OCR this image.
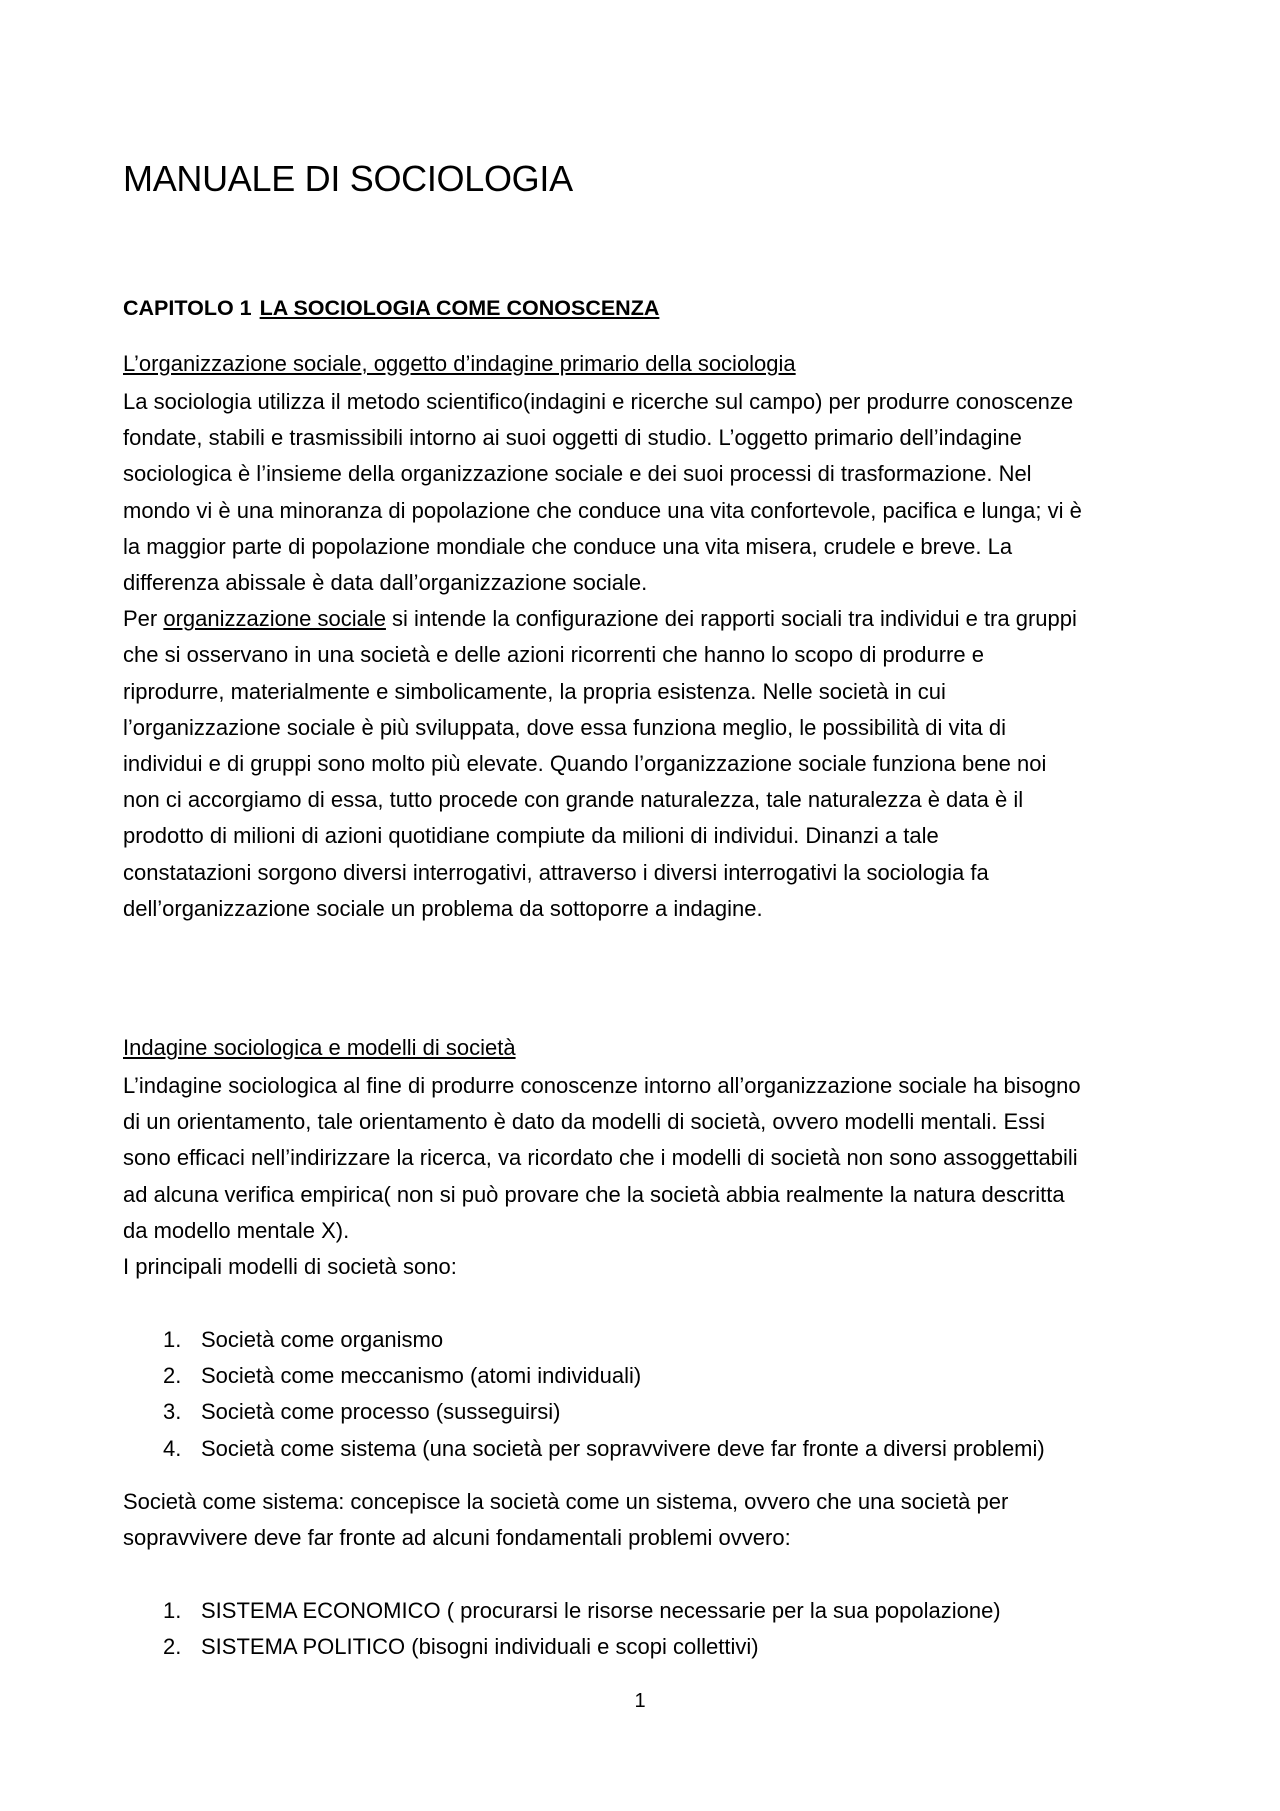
MANUALE DI SOCIOLOGIA

CAPITOLO 1 LA SOCIOLOGIA COME CONOSCENZA

L’organizzazione sociale, oggetto d’indagine primario della sociologia

La sociologia utilizza il metodo scientifico(indagini e ricerche sul campo) per produrre conoscenze
fondate, stabili e trasmissibili intorno ai suoi oggetti di studio. L’oggetto primario dell’indagine
sociologica è l’insieme della organizzazione sociale e dei suoi processi di trasformazione. Nel
mondo vi è una minoranza di popolazione che conduce una vita confortevole, pacifica e lunga; vi è
la maggior parte di popolazione mondiale che conduce una vita misera, crudele e breve. La
differenza abissale è data dall’organizzazione sociale.
Per organizzazione sociale si intende la configurazione dei rapporti sociali tra individui e tra gruppi
che si osservano in una società e delle azioni ricorrenti che hanno lo scopo di produrre e
riprodurre, materialmente e simbolicamente, la propria esistenza. Nelle società in cui
l’organizzazione sociale è più sviluppata, dove essa funziona meglio, le possibilità di vita di
individui e di gruppi sono molto più elevate. Quando l’organizzazione sociale funziona bene noi
non ci accorgiamo di essa, tutto procede con grande naturalezza, tale naturalezza è data è il
prodotto di milioni di azioni quotidiane compiute da milioni di individui. Dinanzi a tale
constatazioni sorgono diversi interrogativi, attraverso i diversi interrogativi la sociologia fa
dell’organizzazione sociale un problema da sottoporre a indagine.

Indagine sociologica e modelli di società

L’indagine sociologica al fine di produrre conoscenze intorno all’organizzazione sociale ha bisogno
di un orientamento, tale orientamento è dato da modelli di società, ovvero modelli mentali. Essi
sono efficaci nell’indirizzare la ricerca, va ricordato che i modelli di società non sono assoggettabili
ad alcuna verifica empirica( non si può provare che la società abbia realmente la natura descritta
da modello mentale X).
I principali modelli di società sono:

1. Società come organismo
2. Società come meccanismo (atomi individuali)
3. Società come processo (susseguirsi)
4. Società come sistema (una società per sopravvivere deve far fronte a diversi problemi)

Società come sistema: concepisce la società come un sistema, ovvero che una società per
sopravvivere deve far fronte ad alcuni fondamentali problemi ovvero:

1. SISTEMA ECONOMICO ( procurarsi le risorse necessarie per la sua popolazione)
2. SISTEMA POLITICO (bisogni individuali e scopi collettivi)
1
